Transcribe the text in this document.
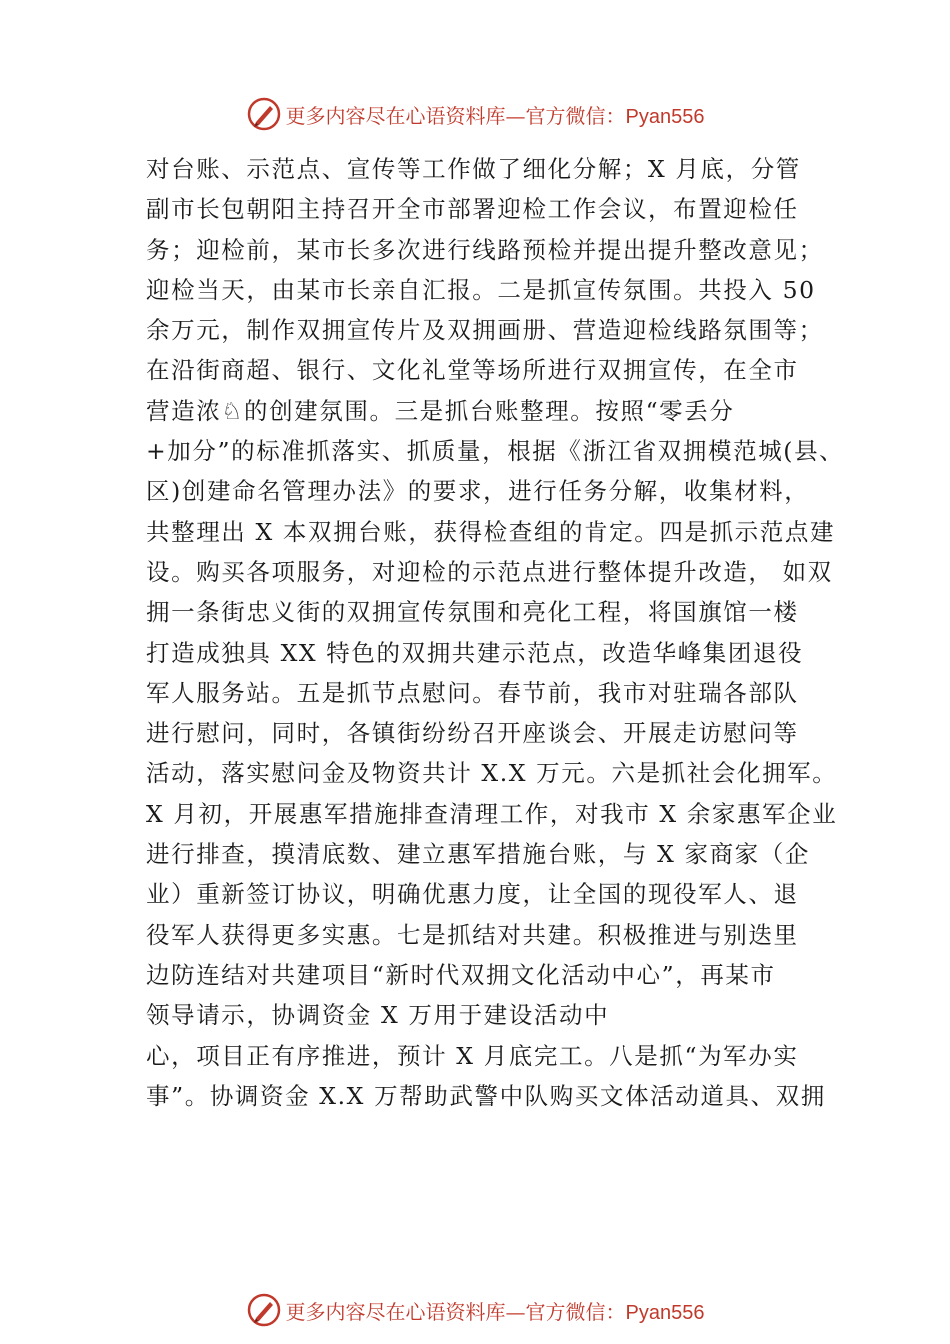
更多内容尽在心语资料库—官方微信：Pyan556
对台账、示范点、宣传等工作做了细化分解；X 月底，分管
副市长包朝阳主持召开全市部署迎检工作会议，布置迎检任
务；迎检前，某市长多次进行线路预检并提出提升整改意见；
迎检当天，由某市长亲自汇报。二是抓宣传氛围。共投入 50
余万元，制作双拥宣传片及双拥画册、营造迎检线路氛围等；
在沿街商超、银行、文化礼堂等场所进行双拥宣传，在全市
营造浓♘的创建氛围。三是抓台账整理。按照“零丢分
+加分”的标准抓落实、抓质量，根据《浙江省双拥模范城(县、
区)创建命名管理办法》的要求，进行任务分解，收集材料，
共整理出 X 本双拥台账，获得检查组的肯定。四是抓示范点建
设。购买各项服务，对迎检的示范点进行整体提升改造， 如双
拥一条街忠义街的双拥宣传氛围和亮化工程，将国旗馆一楼
打造成独具 XX 特色的双拥共建示范点，改造华峰集团退役
军人服务站。五是抓节点慰问。春节前，我市对驻瑞各部队
进行慰问，同时，各镇街纷纷召开座谈会、开展走访慰问等
活动，落实慰问金及物资共计 X.X 万元。六是抓社会化拥军。
X 月初，开展惠军措施排查清理工作，对我市 X 余家惠军企业
进行排查，摸清底数、建立惠军措施台账，与 X 家商家（企
业）重新签订协议，明确优惠力度，让全国的现役军人、退
役军人获得更多实惠。七是抓结对共建。积极推进与别迭里
边防连结对共建项目“新时代双拥文化活动中心”，再某市
领导请示，协调资金 X 万用于建设活动中
心，项目正有序推进，预计 X 月底完工。八是抓“为军办实
事”。协调资金 X.X 万帮助武警中队购买文体活动道具、双拥
更多内容尽在心语资料库—官方微信：Pyan556
